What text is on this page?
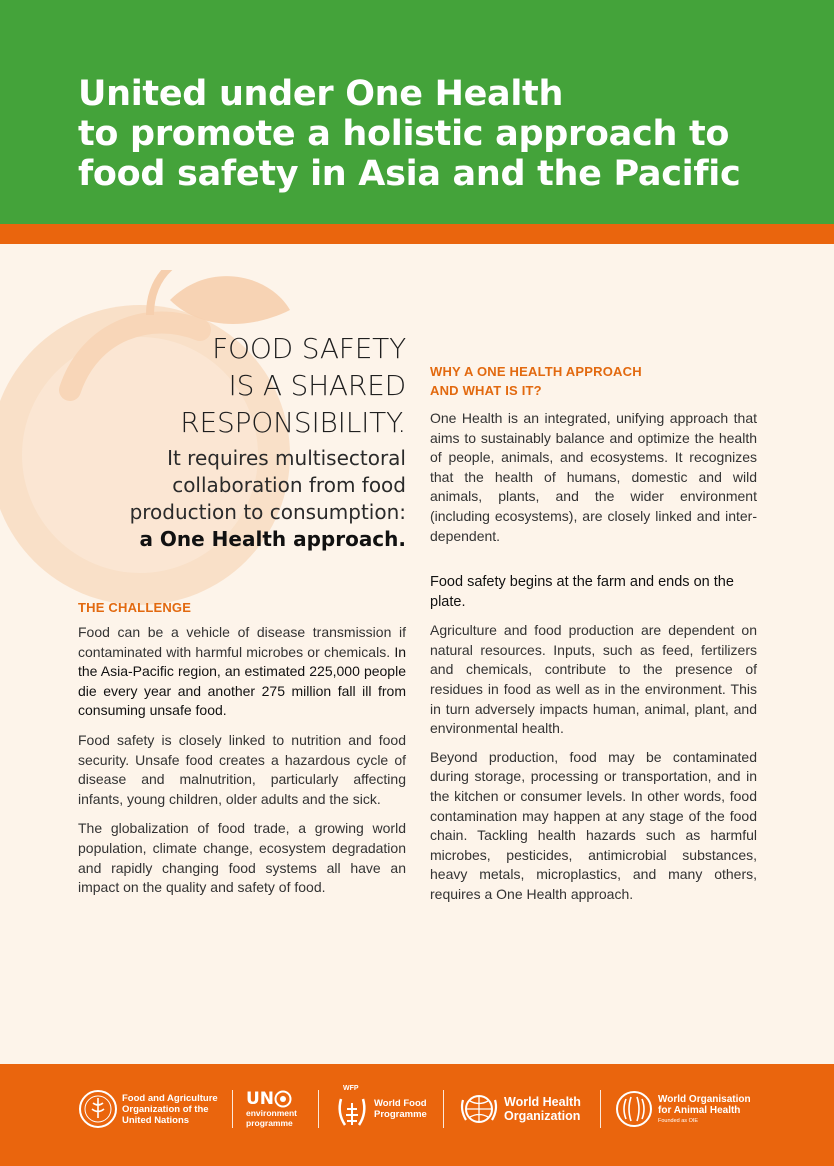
United under One Health
to promote a holistic approach to
food safety in Asia and the Pacific
FOOD SAFETY
IS A SHARED
RESPONSIBILITY.

It requires multisectoral
collaboration from food
production to consumption:
a One Health approach.

THE CHALLENGE

Food can be a vehicle of disease transmission if contaminated with harmful microbes or chemicals. In the Asia-Pacific region, an estimated 225,000 people die every year and another 275 million fall ill from consuming unsafe food.

Food safety is closely linked to nutrition and food security. Unsafe food creates a hazardous cycle of disease and malnutrition, particularly affecting infants, young children, older adults and the sick.

The globalization of food trade, a growing world population, climate change, ecosystem degradation and rapidly changing food systems all have an impact on the quality and safety of food.

WHY A ONE HEALTH APPROACH
AND WHAT IS IT?

One Health is an integrated, unifying approach that aims to sustainably balance and optimize the health of people, animals, and ecosystems. It recognizes that the health of humans, domestic and wild animals, plants, and the wider environment (including ecosystems), are closely linked and inter-dependent.

Food safety begins at the farm and ends on the plate.

Agriculture and food production are dependent on natural resources. Inputs, such as feed, fertilizers and chemicals, contribute to the presence of residues in food as well as in the environment. This in turn adversely impacts human, animal, plant, and environmental health.

Beyond production, food may be contaminated during storage, processing or transportation, and in the kitchen or consumer levels. In other words, food contamination may happen at any stage of the food chain. Tackling health hazards such as harmful microbes, pesticides, antimicrobial substances, heavy metals, microplastics, and many others, requires a One Health approach.

Food and Agriculture
Organization of the
United Nations
UN
environment
programme
WFP
World Food
Programme
World Health
Organization
World Organisation
for Animal Health
Founded as OIE
